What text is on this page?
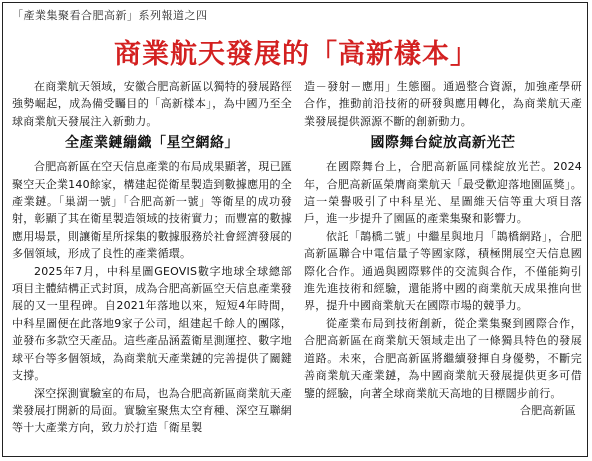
「產業集聚看合肥高新」系列報道之四
商業航天發展的「高新樣本」

在商業航天領域，安徽合肥高新區以獨特的發展路徑強勢崛起，成為備受矚目的「高新樣本」，為中國乃至全球商業航天發展注入新動力。

全產業鏈繃織「星空網絡」

合肥高新區在空天信息產業的布局成果顯著，現已匯聚空天企業140餘家，構建起從衛星製造到數據應用的全產業鏈。「巢湖一號」「合肥高新一號」等衛星的成功發射，彰顯了其在衛星製造領域的技術實力；而豐富的數據應用場景，則讓衛星所採集的數據服務於社會經濟發展的多個領域，形成了良性的產業循環。

2025年7月，中科星圖GEOVIS數字地球全球總部項目主體結構正式封頂，成為合肥高新區空天信息產業發展的又一里程碑。自2021年落地以來，短短4年時間，中科星圖便在此落地9家子公司，組建起千餘人的團隊，並發布多款空天產品。這些產品涵蓋衛星測運控、數字地球平台等多個領域，為商業航天產業鏈的完善提供了關鍵支撐。

深空探測實驗室的布局，也為合肥高新區商業航天產業發展打開新的局面。實驗室聚焦太空育種、深空互聯網等十大產業方向，致力於打造「衛星製

造－發射－應用」生態圈。通過整合資源，加強產學研合作，推動前沿技術的研發與應用轉化，為商業航天產業發展提供源源不斷的創新動力。

國際舞台綻放高新光芒

在國際舞台上，合肥高新區同樣綻放光芒。2024年，合肥高新區榮膺商業航天「最受歡迎落地園區獎」。這一榮譽吸引了中科星光、星圖維天信等重大項目落戶，進一步提升了園區的產業集聚和影響力。

依託「鵲橋二號」中繼星與地月「鵲橋網路」，合肥高新區聯合中電信量子等國家隊，積極開展空天信息國際化合作。通過與國際夥伴的交流與合作，不僅能夠引進先進技術和經驗，還能將中國的商業航天成果推向世界，提升中國商業航天在國際市場的競爭力。

從產業布局到技術創新，從企業集聚到國際合作，合肥高新區在商業航天領域走出了一條獨具特色的發展道路。未來，合肥高新區將繼續發揮自身優勢，不斷完善商業航天產業鏈，為中國商業航天發展提供更多可借鑒的經驗，向著全球商業航天高地的目標闊步前行。
合肥高新區
